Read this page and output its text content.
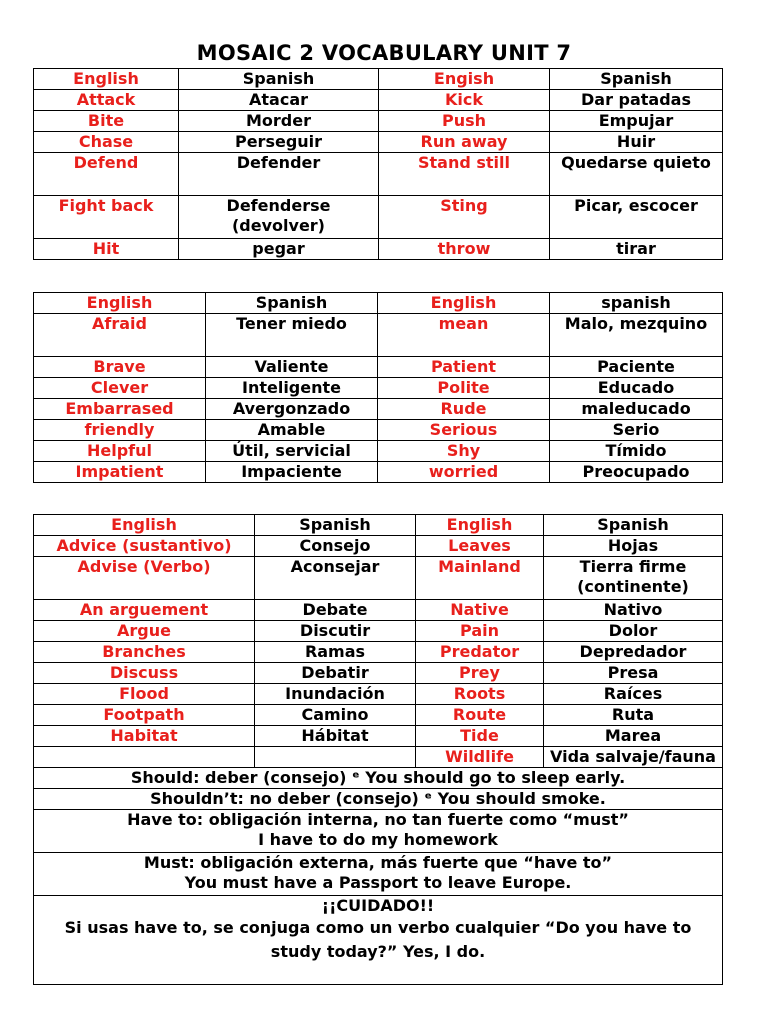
MOSAIC 2 VOCABULARY UNIT 7
English	Spanish	Engish	Spanish
Attack	Atacar	Kick	Dar patadas
Bite	Morder	Push	Empujar
Chase	Perseguir	Run away	Huir
Defend	Defender	Stand still	Quedarse quieto
Fight back	Defenderse (devolver)	Sting	Picar, escocer
Hit	pegar	throw	tirar
English	Spanish	English	spanish
Afraid	Tener miedo	mean	Malo, mezquino
Brave	Valiente	Patient	Paciente
Clever	Inteligente	Polite	Educado
Embarrased	Avergonzado	Rude	maleducado
friendly	Amable	Serious	Serio
Helpful	Útil, servicial	Shy	Tímido
Impatient	Impaciente	worried	Preocupado
English	Spanish	English	Spanish
Advice (sustantivo)	Consejo	Leaves	Hojas
Advise (Verbo)	Aconsejar	Mainland	Tierra firme (continente)
An arguement	Debate	Native	Nativo
Argue	Discutir	Pain	Dolor
Branches	Ramas	Predator	Depredador
Discuss	Debatir	Prey	Presa
Flood	Inundación	Roots	Raíces
Footpath	Camino	Route	Ruta
Habitat	Hábitat	Tide	Marea
		Wildlife	Vida salvaje/fauna
Should: deber (consejo) ᵉ You should go to sleep early.			
Shouldn’t: no deber (consejo) ᵉ You should smoke.			

Have to: obligación interna, no tan fuerte como “must”
I have to do my homework			

Must: obligación externa, más fuerte que “have to”
You must have a Passport to leave Europe.			

¡¡CUIDADO!!
Si usas have to, se conjuga como un verbo cualquier “Do you have to study today?” Yes, I do.			
